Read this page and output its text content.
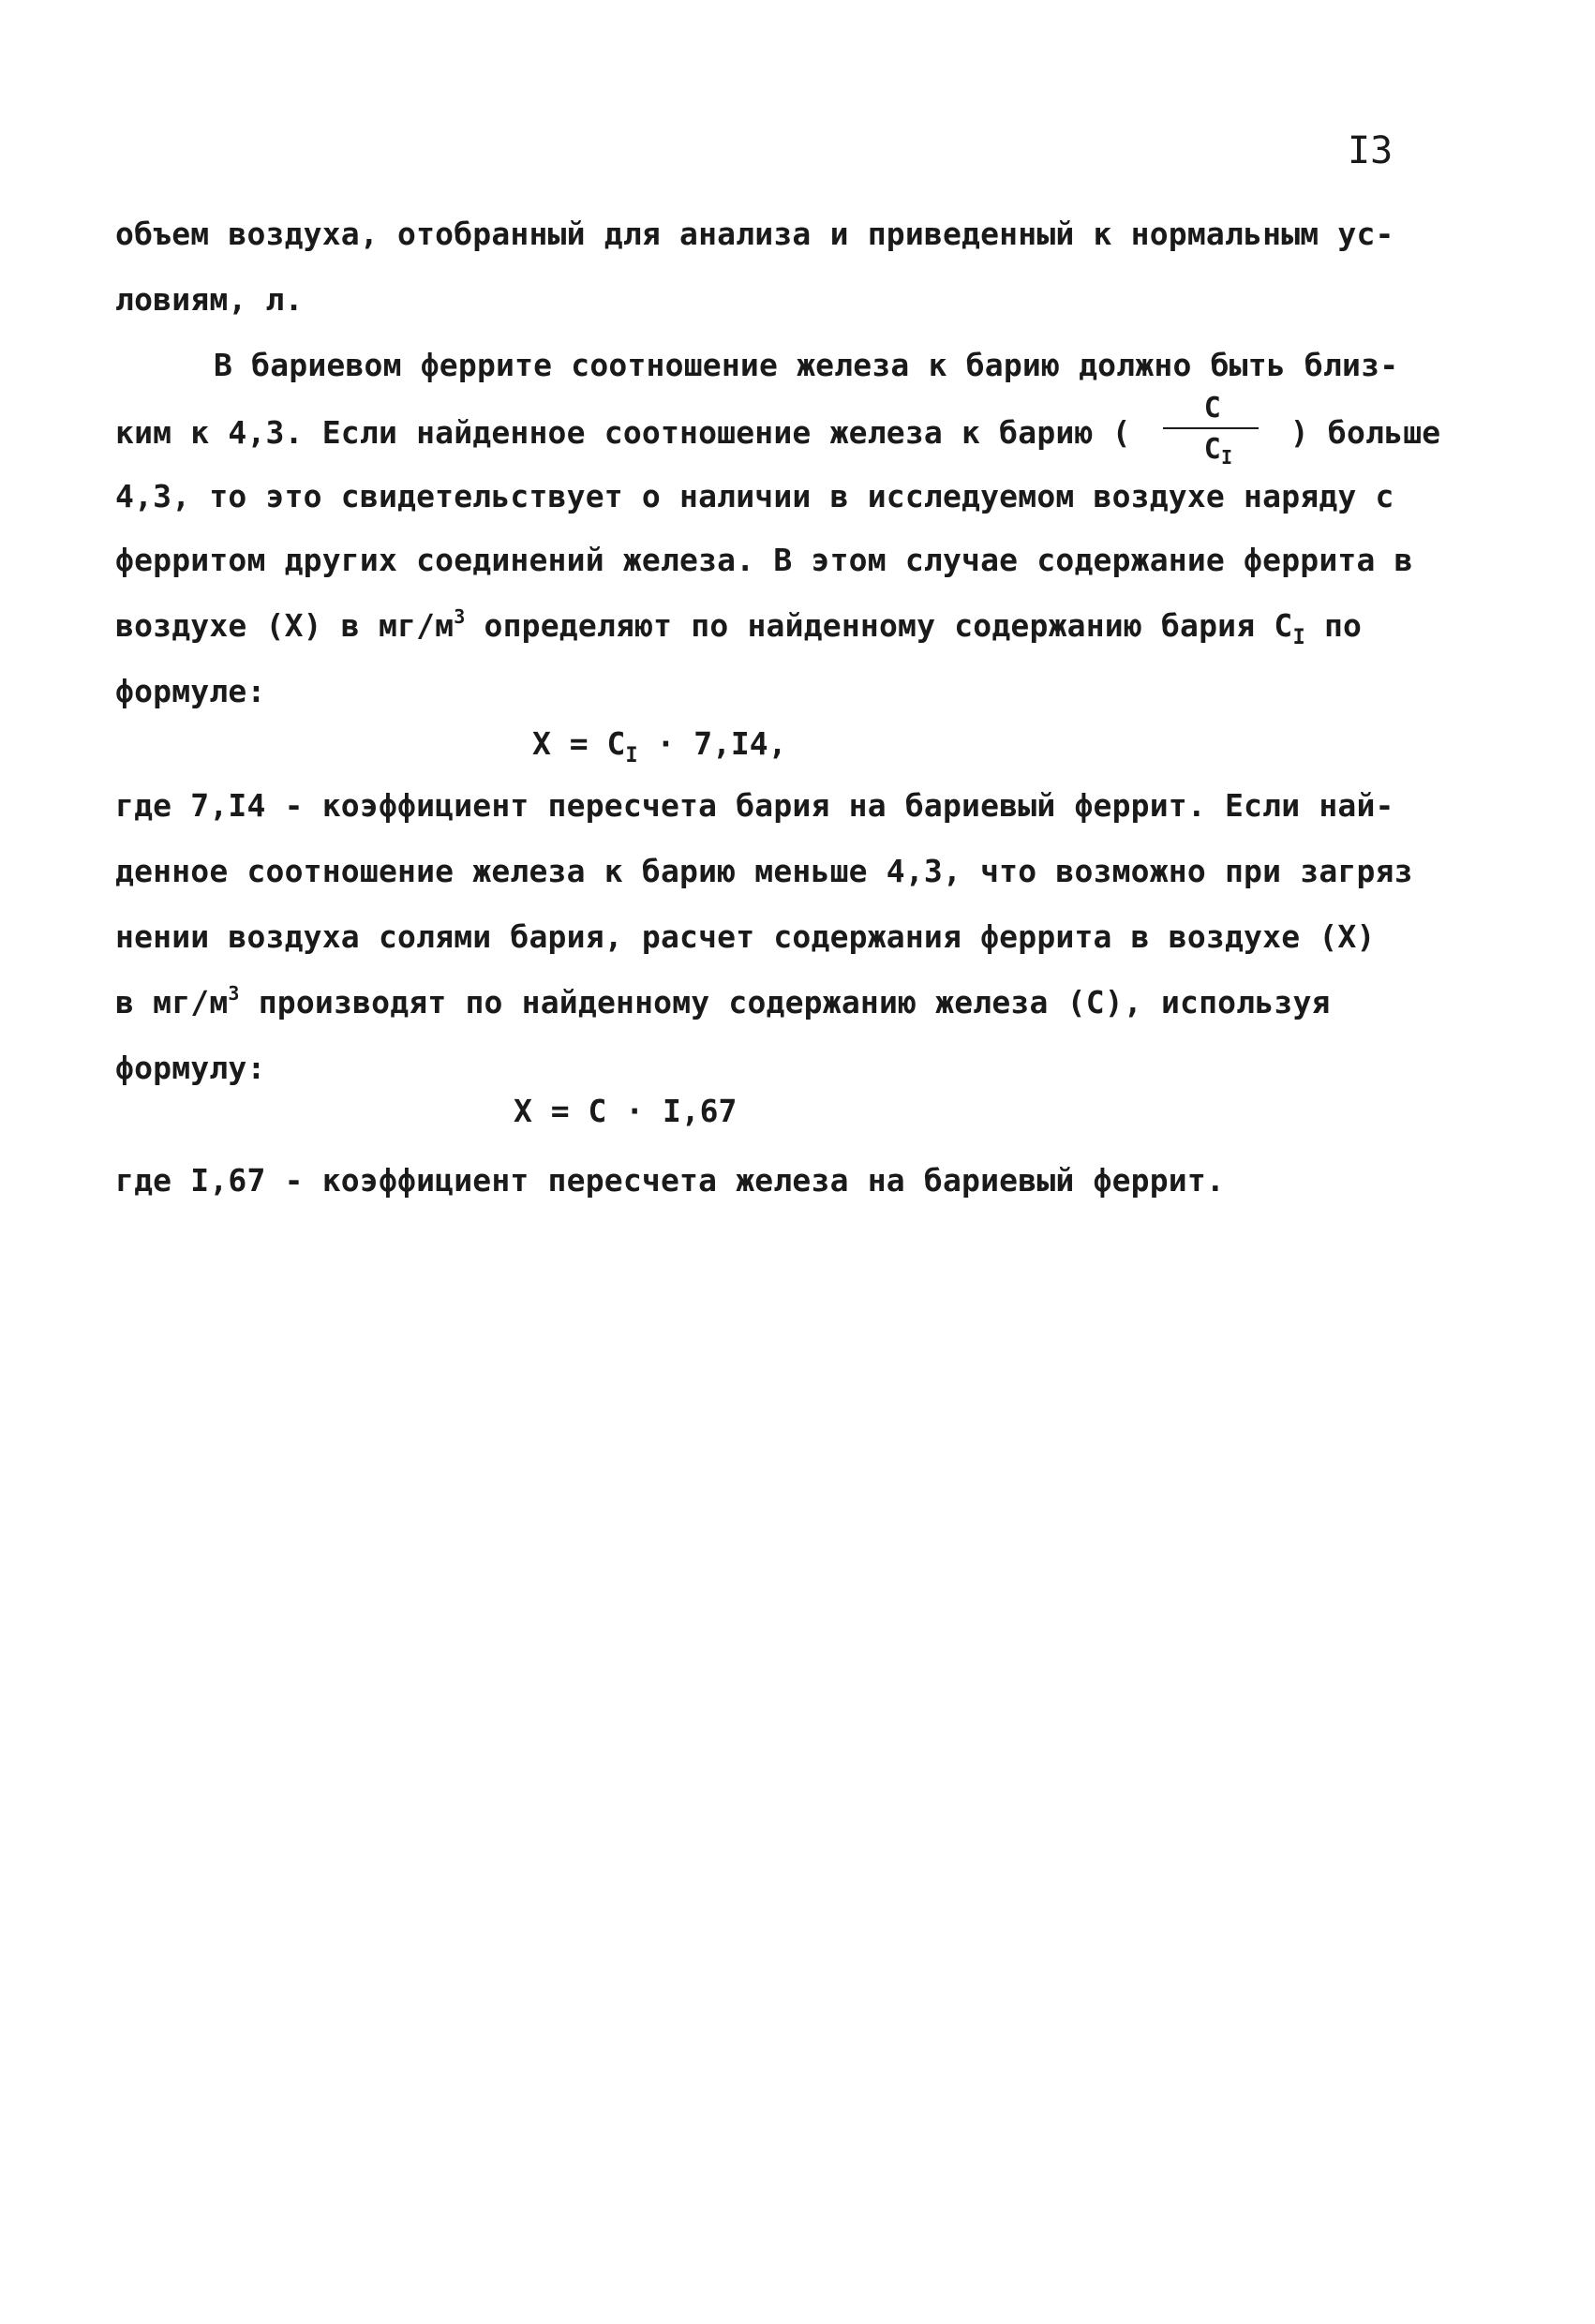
I3
объем воздуха, отобранный для анализа и приведенный к нормальным ус-
ловиям, л.
В бариевом феррите соотношение железа к барию должно быть близ-
ким к 4,3. Если найденное соотношение железа к барию ( $\frac{C}{C_I}$ ) больше
4,3, то это свидетельствует о наличии в исследуемом воздухе наряду с
ферритом других соединений железа. В этом случае содержание феррита в
воздухе (X) в $мг/м^3$ определяют по найденному содержанию бария $C_I$ по
формуле:
$X = C_I \cdot 7,I4$,
где 7,I4 - коэффициент пересчета бария на бариевый феррит. Если най-
денное соотношение железа к барию меньше 4,3, что возможно при загряз
нении воздуха солями бария, расчет содержания феррита в воздухе (X)
в $мг/м^3$ производят по найденному содержанию железа (C), используя
формулу:
X = C · I,67
где I,67 - коэффициент пересчета железа на бариевый феррит.
